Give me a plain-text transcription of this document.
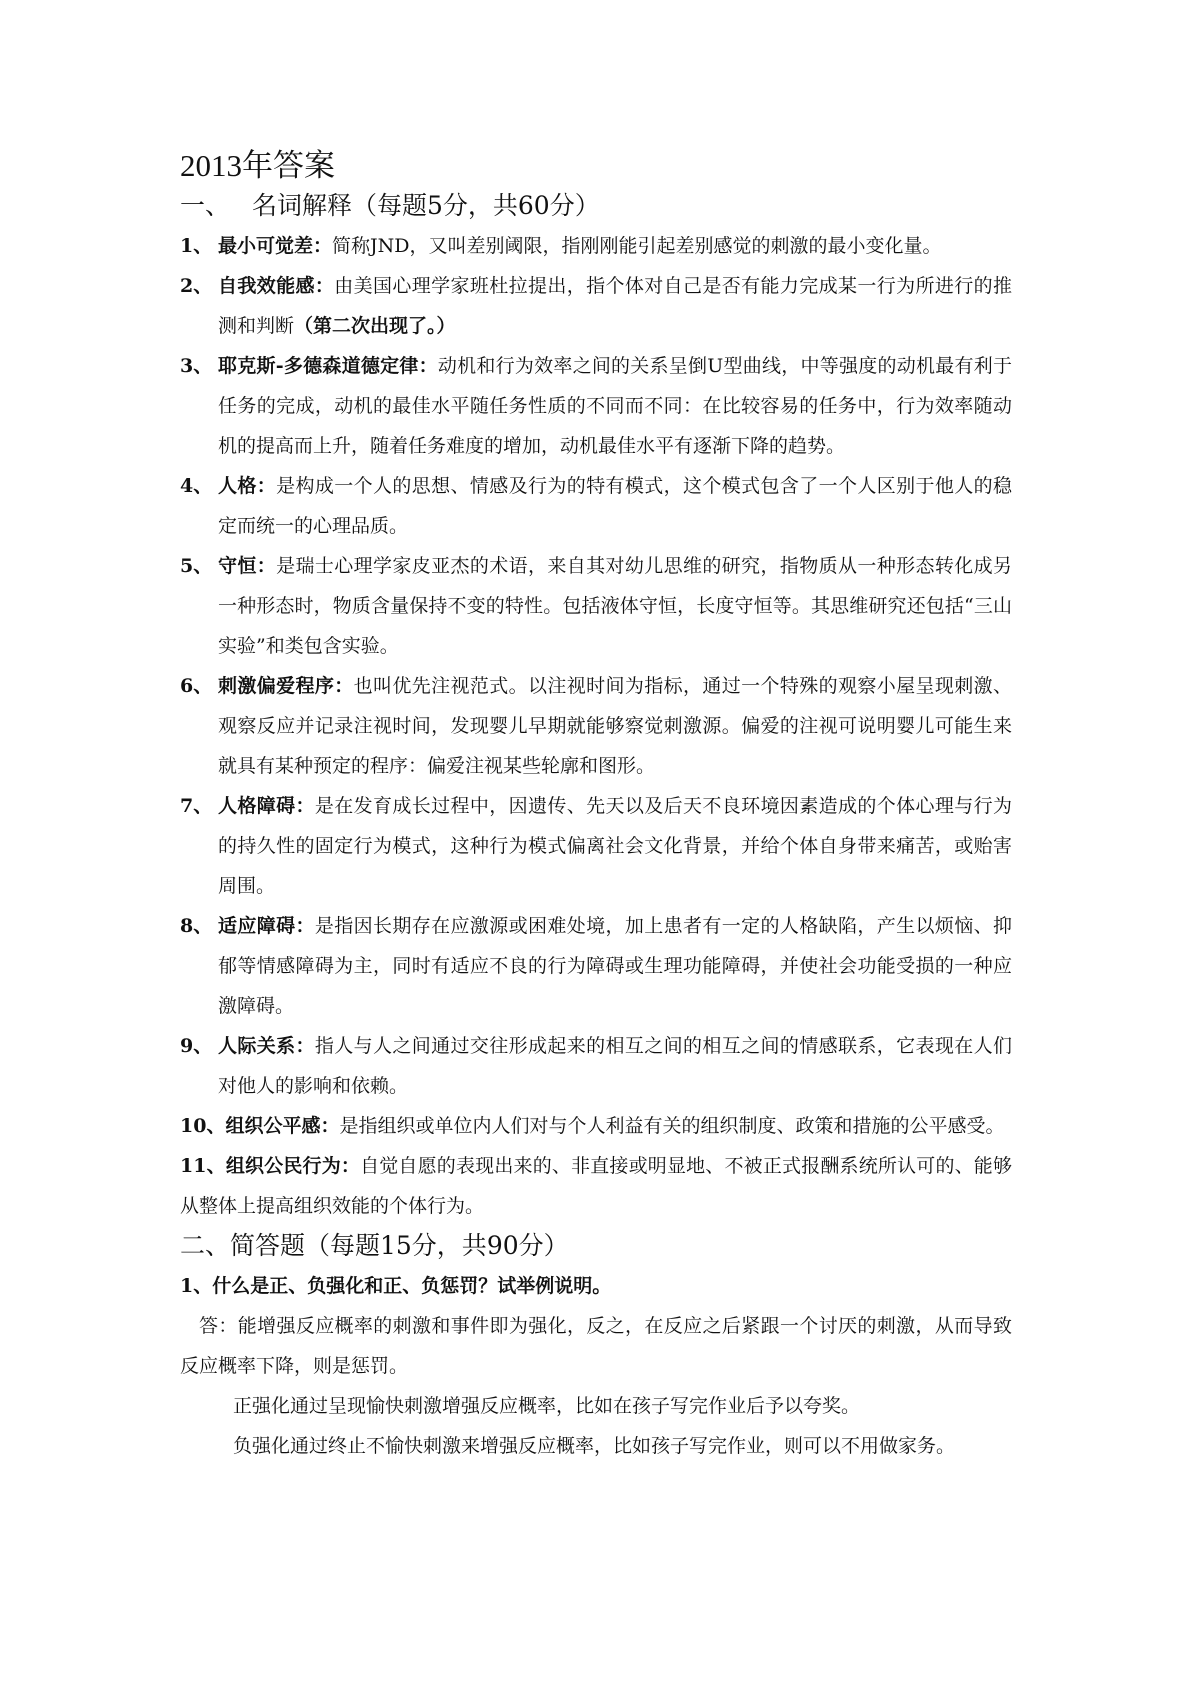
2013年答案
一、 名词解释（每题5分，共60分）
1、 最小可觉差：简称JND，又叫差别阈限，指刚刚能引起差别感觉的刺激的最小变化量。
2、 自我效能感：由美国心理学家班杜拉提出，指个体对自己是否有能力完成某一行为所进行的推测和判断（第二次出现了。）
3、 耶克斯-多德森道德定律：动机和行为效率之间的关系呈倒U型曲线，中等强度的动机最有利于任务的完成，动机的最佳水平随任务性质的不同而不同：在比较容易的任务中，行为效率随动机的提高而上升，随着任务难度的增加，动机最佳水平有逐渐下降的趋势。
4、 人格：是构成一个人的思想、情感及行为的特有模式，这个模式包含了一个人区别于他人的稳定而统一的心理品质。
5、 守恒：是瑞士心理学家皮亚杰的术语，来自其对幼儿思维的研究，指物质从一种形态转化成另一种形态时，物质含量保持不变的特性。包括液体守恒，长度守恒等。其思维研究还包括“三山实验”和类包含实验。
6、 刺激偏爱程序：也叫优先注视范式。以注视时间为指标，通过一个特殊的观察小屋呈现刺激、观察反应并记录注视时间，发现婴儿早期就能够察觉刺激源。偏爱的注视可说明婴儿可能生来就具有某种预定的程序：偏爱注视某些轮廓和图形。
7、 人格障碍：是在发育成长过程中，因遗传、先天以及后天不良环境因素造成的个体心理与行为的持久性的固定行为模式，这种行为模式偏离社会文化背景，并给个体自身带来痛苦，或贻害周围。
8、 适应障碍：是指因长期存在应激源或困难处境，加上患者有一定的人格缺陷，产生以烦恼、抑郁等情感障碍为主，同时有适应不良的行为障碍或生理功能障碍，并使社会功能受损的一种应激障碍。
9、 人际关系：指人与人之间通过交往形成起来的相互之间的相互之间的情感联系，它表现在人们对他人的影响和依赖。
10、组织公平感：是指组织或单位内人们对与个人利益有关的组织制度、政策和措施的公平感受。
11、组织公民行为：自觉自愿的表现出来的、非直接或明显地、不被正式报酬系统所认可的、能够从整体上提高组织效能的个体行为。
二、简答题（每题15分，共90分）
1、什么是正、负强化和正、负惩罚？试举例说明。
答：能增强反应概率的刺激和事件即为强化，反之，在反应之后紧跟一个讨厌的刺激，从而导致反应概率下降，则是惩罚。
正强化通过呈现愉快刺激增强反应概率，比如在孩子写完作业后予以夸奖。
负强化通过终止不愉快刺激来增强反应概率，比如孩子写完作业，则可以不用做家务。
